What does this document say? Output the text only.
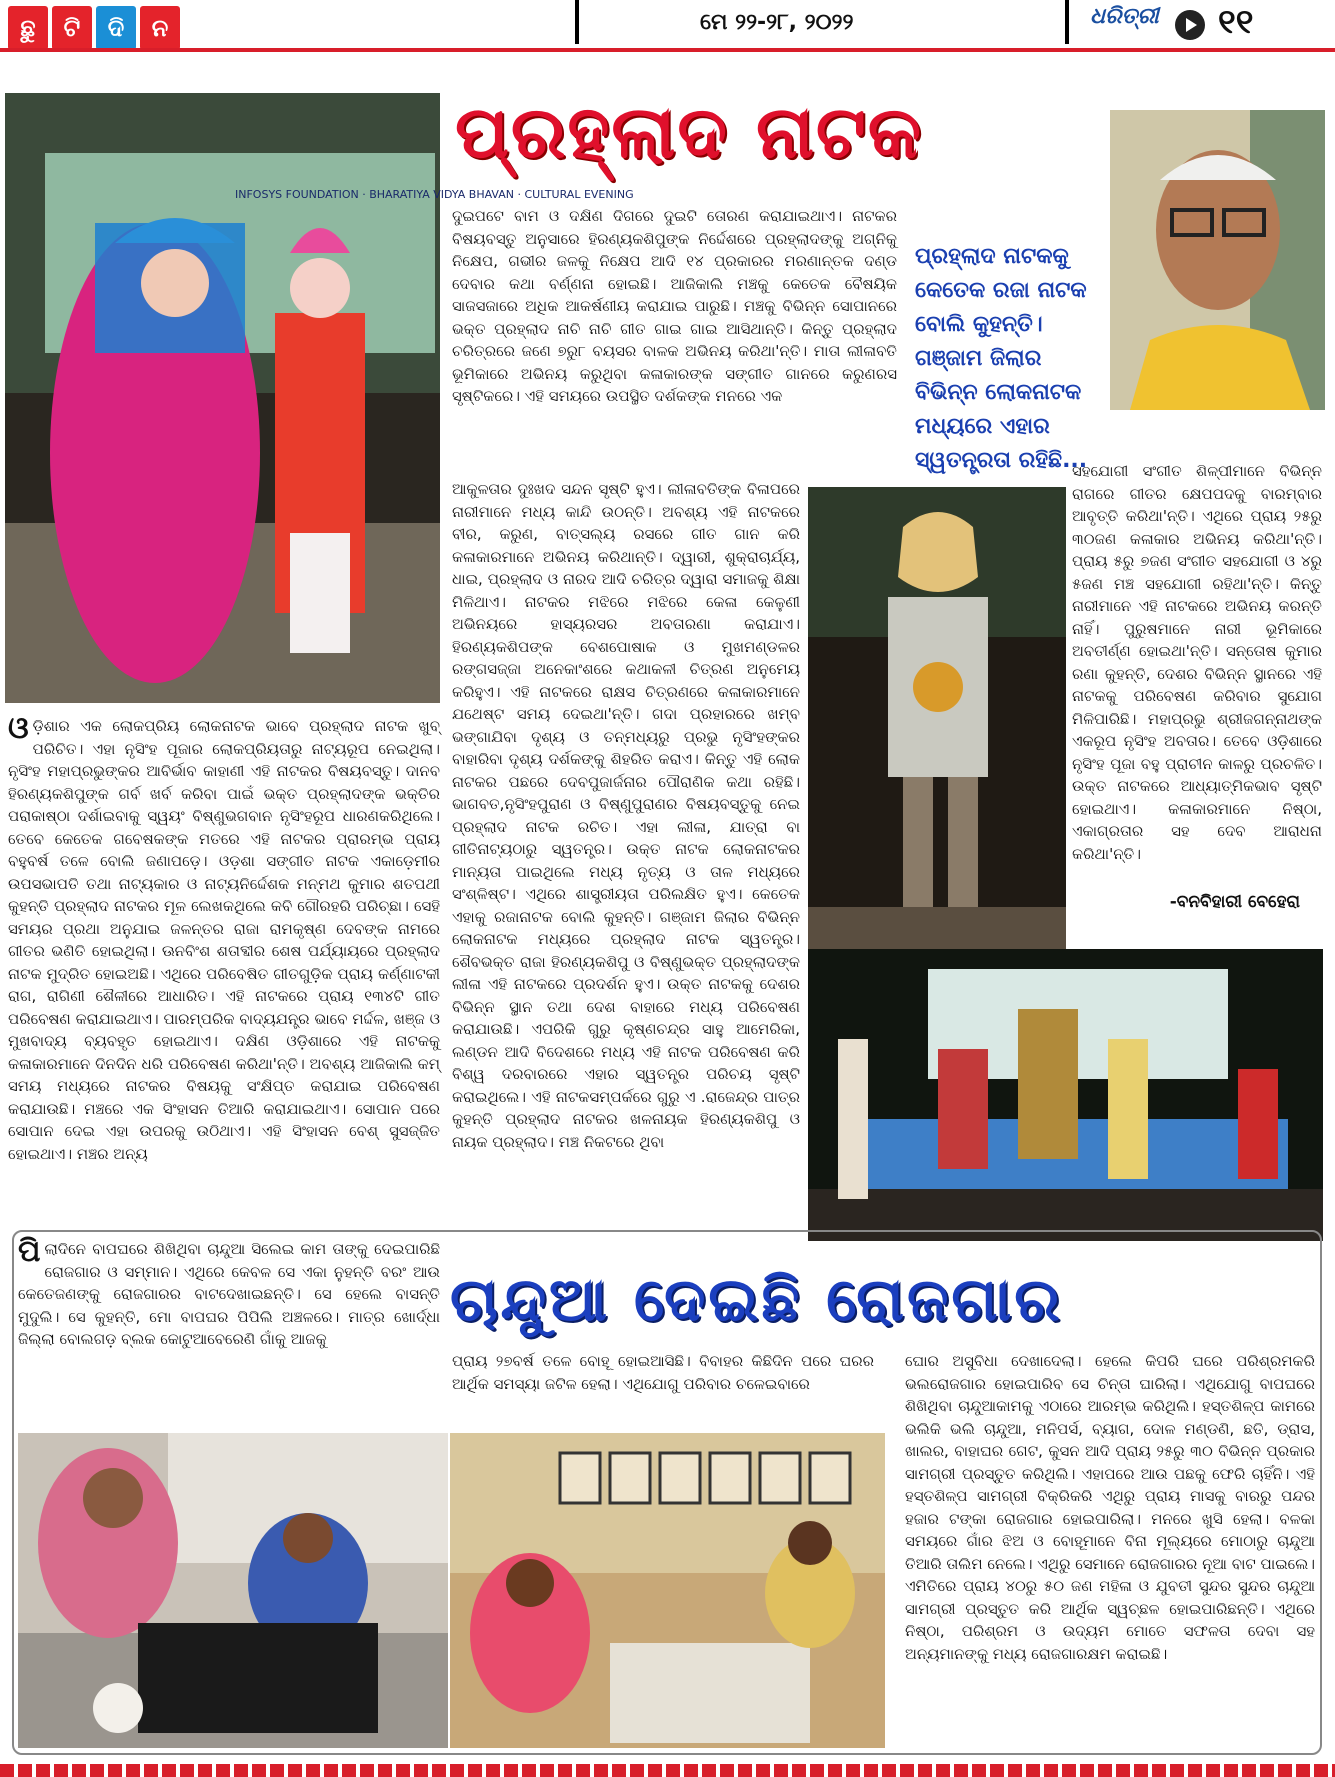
ଛୁ	ଟି	ଦି	ନ	ମେ ୨୨-୨୮, ୨୦୨୨	ଧରିତ୍ରୀ	୧୧
INFOSYS FOUNDATION · BHARATIYA VIDYA BHAVAN · CULTURAL EVENING
ପ୍ରହ୍ଲାଦ ନାଟକ
ପ୍ରହ୍ଲାଦ ନାଟକକୁ କେତେକ ରଜା ନାଟକ ବୋଲି କୁହନ୍ତି। ଗଞ୍ଜାମ ଜିଲାର ବିଭିନ୍ନ ଲୋକନାଟକ ମଧ୍ୟରେ ଏହାର ସ୍ୱତନ୍ତ୍ରତା ରହିଛି...
ଦୁଇପଟେ ବାମ ଓ ଦକ୍ଷିଣ ଦିଗରେ ଦୁଇଟି ତୋରଣ କରାଯାଇଥାଏ। ନାଟକର ବିଷୟବସ୍ତୁ ଅନୁସାରେ ହିରଣ୍ୟକଶିପୁଙ୍କ ନିର୍ଦ୍ଦେଶରେ ପ୍ରହ୍ଲାଦଙ୍କୁ ଅଗ୍ନିକୁ ନିକ୍ଷେପ, ଗଭୀର ଜଳକୁ ନିକ୍ଷେପ ଆଦି ୧୪ ପ୍ରକାରର ମରଣାନ୍ତକ ଦଣ୍ଡ ଦେବାର କଥା ବର୍ଣ୍ଣନା ହୋଇଛି। ଆଜିକାଲି ମଞ୍ଚକୁ କେତେକ ବୈଷୟିକ ସାଜସଜାରେ ଅଧିକ ଆକର୍ଷଣୀୟ କରାଯାଇ ପାରୁଛି। ମଞ୍ଚକୁ ବିଭିନ୍ନ ସୋପାନରେ ଭକ୍ତ ପ୍ରହ୍ଲାଦ ନାଚି ନାଚି ଗୀତ ଗାଇ ଗାଇ ଆସିଥାନ୍ତି। କିନ୍ତୁ ପ୍ରହ୍ଲାଦ ଚରିତ୍ରରେ ଜଣେ ୭ରୁ୮ ବୟସର ବାଳକ ଅଭିନୟ କରିଥା'ନ୍ତି। ମାତା ଲୀଳାବତି ଭୂମିକାରେ ଅଭିନୟ କରୁଥିବା କଳାକାରଙ୍କ ସଙ୍ଗୀତ ଗାନରେ କରୁଣରସ ସୃଷ୍ଟିକରେ। ଏହି ସମୟରେ ଉପସ୍ଥିତ ଦର୍ଶକଙ୍କ ମନରେ ଏକ
ଆକୁଳତାର ଦୁଃଖଦ ସନ୍ଦନ ସୃଷ୍ଟି ହୁଏ। ଲୀଳାବତିଙ୍କ ବିଳାପରେ ନାରୀମାନେ ମଧ୍ୟ କାନ୍ଦି ଉଠନ୍ତି। ଅବଶ୍ୟ ଏହି ନାଟକରେ ବୀର, କରୁଣ, ବାତ୍ସଲ୍ୟ ରସରେ ଗୀତ ଗାନ କରି କଳାକାରମାନେ ଅଭିନୟ କରିଥାନ୍ତି। ଦ୍ୱାରୀ, ଶୁକ୍ରାଚାର୍ଯ୍ୟ, ଧାଇ, ପ୍ରହ୍ଲାଦ ଓ ନାରଦ ଆଦି ଚରିତ୍ର ଦ୍ୱାରା ସମାଜକୁ ଶିକ୍ଷା ମିଳିଥାଏ। ନାଟକର ମଝିରେ ମଝିରେ କେଳା କେଳୁଣୀ ଅଭିନୟରେ ହାସ୍ୟରସର ଅବତାରଣା କରାଯାଏ। ହିରଣ୍ୟକଶିପଙ୍କ ବେଶପୋଷାକ ଓ ମୁଖମଣ୍ଡଳର ରଙ୍ଗସଜ୍ଜା ଅନେକାଂଶରେ କଥାକଳୀ ଚିତ୍ରଣ ଅନୁମେୟ କରିହୁଏ। ଏହି ନାଟକରେ ରାକ୍ଷସ ଚିତ୍ରଣରେ କଳାକାରମାନେ ଯଥେଷ୍ଟ ସମୟ ଦେଇଥା'ନ୍ତି। ଗଦା ପ୍ରହାରରେ ଖମ୍ବ ଭଙ୍ଗାଯିବା ଦୃଶ୍ୟ ଓ ତନ୍ମଧ୍ୟରୁ ପ୍ରଭୁ ନୃସିଂହଙ୍କର ବାହାରିବା ଦୃଶ୍ୟ ଦର୍ଶକଙ୍କୁ ଶିହରିତ କରାଏ। କିନ୍ତୁ ଏହି ଲୋକ ନାଟକର ପଛରେ ଦେବପୁଜାର୍ଜନାର ପୌରାଣିକ କଥା ରହିଛି। ଭାଗବତ,ନୃସିଂହପୁରାଣ ଓ ବିଷ୍ଣୁପୁରାଣର ବିଷୟବସ୍ତୁକୁ ନେଇ ପ୍ରହ୍ଲାଦ ନାଟକ ରଚିତ। ଏହା ଲୀଳା, ଯାତ୍ରା ବା ଗୀତିନାଟ୍ୟଠାରୁ ସ୍ୱତନ୍ତ୍ର। ଉକ୍ତ ନାଟକ ଲୋକନାଟକର ମାନ୍ୟତା ପାଇଥିଲେ ମଧ୍ୟ ନୃତ୍ୟ ଓ ତାଳ ମଧ୍ୟରେ ସଂଶ୍ଳିଷ୍ଟ। ଏଥିରେ ଶାସ୍ତ୍ରୀୟତା ପରିଲକ୍ଷିତ ହୁଏ। କେତେକ ଏହାକୁ ରଜାନାଟକ ବୋଲି କୁହନ୍ତି। ଗଞ୍ଜାମ ଜିଲାର ବିଭିନ୍ନ ଲୋକନାଟକ ମଧ୍ୟରେ ପ୍ରହ୍ଲାଦ ନାଟକ ସ୍ୱତନ୍ତ୍ର। ଶୈବଭକ୍ତ ରାଜା ହିରଣ୍ୟକଶିପୁ ଓ ବିଷ୍ଣୁଭକ୍ତ ପ୍ରହ୍ଲାଦଙ୍କ ଲୀଳା ଏହି ନାଟକରେ ପ୍ରଦର୍ଶନ ହୁଏ। ଉକ୍ତ ନାଟକକୁ ଦେଶର ବିଭିନ୍ନ ସ୍ଥାନ ତଥା ଦେଶ ବାହାରେ ମଧ୍ୟ ପରିବେଷଣ କରାଯାଉଛି। ଏପରିକି ଗୁରୁ କୃଷ୍ଣଚନ୍ଦ୍ର ସାହୁ ଆମେରିକା, ଲଣ୍ଡନ ଆଦି ବିଦେଶରେ ମଧ୍ୟ ଏହି ନାଟକ ପରିବେଷଣ କରି ବିଶ୍ୱ ଦରବାରରେ ଏହାର ସ୍ୱତନ୍ତ୍ର ପରିଚୟ ସୃଷ୍ଟି କରାଇଥିଲେ। ଏହି ନାଟକସମ୍ପର୍କରେ ଗୁରୁ ଏ .ରାଜେନ୍ଦ୍ର ପାତ୍ର କୁହନ୍ତି ପ୍ରହ୍ଲାଦ ନାଟକର ଖଳନାୟକ ହିରଣ୍ୟକଶିପୁ ଓ ନାୟକ ପ୍ରହ୍ଲାଦ। ମଞ୍ଚ ନିକଟରେ ଥିବା
ସହଯୋଗୀ ସଂଗୀତ ଶିଳ୍ପୀମାନେ ବିଭିନ୍ନ ରାଗରେ ଗୀତର କ୍ଷେପପଦକୁ ବାରମ୍ବାର ଆବୃତ୍ତି କରିଥା'ନ୍ତି। ଏଥିରେ ପ୍ରାୟ ୨୫ରୁ ୩୦ଜଣ କଳାକାର ଅଭିନୟ କରିଥା'ନ୍ତି। ପ୍ରାୟ ୫ରୁ ୭ଜଣ ସଂଗୀତ ସହଯୋଗୀ ଓ ୪ରୁ ୫ଜଣ ମଞ୍ଚ ସହଯୋଗୀ ରହିଥା'ନ୍ତି। କିନ୍ତୁ ନାରୀମାନେ ଏହି ନାଟକରେ ଅଭିନୟ କରନ୍ତି ନାହିଁ। ପୁରୁଷମାନେ ନାରୀ ଭୂମିକାରେ ଅବତୀର୍ଣ୍ଣ ହୋଇଥା'ନ୍ତି। ସନ୍ତୋଷ କୁମାର ରଣା କୁହନ୍ତି, ଦେଶର ବିଭିନ୍ନ ସ୍ଥାନରେ ଏହି ନାଟକକୁ ପରିବେଷଣ କରିବାର ସୁଯୋଗ ମିଳିପାରିଛି। ମହାପ୍ରଭୁ ଶ୍ରୀଜଗନ୍ନାଥଙ୍କ ଏକରୂପ ନୃସିଂହ ଅବତାର। ତେବେ ଓଡ଼ିଶାରେ ନୃସିଂହ ପୂଜା ବହୁ ପ୍ରାଚୀନ କାଳରୁ ପ୍ରଚଳିତ। ଉକ୍ତ ନାଟକରେ ଆଧ୍ୟାତ୍ମିକଭାବ ସୃଷ୍ଟି ହୋଇଥାଏ। କଳାକାରମାନେ ନିଷ୍ଠା, ଏକାଗ୍ରତାର ସହ ଦେବ ଆରାଧନା କରିଥା'ନ୍ତି।
-ବନବିହାରୀ ବେହେରା
ଓଡ଼ିଶାର ଏକ ଲୋକପ୍ରିୟ ଲୋକନାଟକ ଭାବେ ପ୍ରହ୍ଲାଦ ନାଟକ ଖୁବ୍ ପରିଚିତ। ଏହା ନୃସିଂହ ପୂଜାର ଲୋକପ୍ରିୟତାରୁ ନାଟ୍ୟରୂପ ନେଇଥିଲା। ନୃସିଂହ ମହାପ୍ରଭୁଙ୍କର ଆବିର୍ଭାବ କାହାଣୀ ଏହି ନାଟକର ବିଷୟବସ୍ତୁ। ଦାନବ ହିରଣ୍ୟକଶିପୁଙ୍କ ଗର୍ବ ଖର୍ବ କରିବା ପାଇଁ ଭକ୍ତ ପ୍ରହ୍ଲାଦଙ୍କ ଭକ୍ତିର ପରାକାଷ୍ଠା ଦର୍ଶାଇବାକୁ ସ୍ୱୟଂ ବିଷ୍ଣୁଭଗବାନ ନୃସିଂହରୂପ ଧାରଣକରିଥିଲେ। ତେବେ କେତେକ ଗବେଷକଙ୍କ ମତରେ ଏହି ନାଟକର ପ୍ରାରମ୍ଭ ପ୍ରାୟ ବହୁବର୍ଷ ତଳେ ବୋଲି ଜଣାପଡ଼େ। ଓଡ଼ଶା ସଙ୍ଗୀତ ନାଟକ ଏକାଡ଼େମୀର ଉପସଭାପତି ତଥା ନାଟ୍ୟକାର ଓ ନାଟ୍ୟନିର୍ଦ୍ଦେଶକ ମନ୍ମଥ କୁମାର ଶତପଥୀ କୁହନ୍ତି ପ୍ରହ୍ଲାଦ ନାଟକର ମୂଳ ଲେଖକଥିଲେ କବି ଗୌରହରି ପରିଚ୍ଛା। ସେହି ସମୟର ପ୍ରଥା ଅନୁଯାଇ ଜଳନ୍ତର ରାଜା ରାମକୃଷ୍ଣ ଦେବଙ୍କ ନାମରେ ଗୀତର ଭଣିତି ହୋଇଥିଲା। ଊନବିଂଶ ଶତାବ୍ଦୀର ଶେଷ ପର୍ଯ୍ୟାୟରେ ପ୍ରହ୍ଲାଦ ନାଟକ ମୁଦ୍ରିତ ହୋଇଅଛି। ଏଥିରେ ପରିବେଷିତ ଗୀତଗୁଡ଼ିକ ପ୍ରାୟ କର୍ଣ୍ଣାଟକୀ ରାଗ, ରାଗିଣୀ ଶୈଳୀରେ ଆଧାରିତ। ଏହି ନାଟକରେ ପ୍ରାୟ ୧୩୪ଟି ଗୀତ ପରିବେଷଣ କରାଯାଇଥାଏ। ପାରମ୍ପରିକ ବାଦ୍ୟଯନ୍ତ୍ର ଭାବେ ମର୍ଦ୍ଦଳ, ଖଞ୍ଜ ଓ ମୁଖବାଦ୍ୟ ବ୍ୟବହୃତ ହୋଇଥାଏ। ଦକ୍ଷିଣ ଓଡ଼ିଶାରେ ଏହି ନାଟକକୁ କଳାକାରମାନେ ଦିନଦିନ ଧରି ପରିବେଷଣ କରିଥା'ନ୍ତି। ଅବଶ୍ୟ ଆଜିକାଲି କମ୍ ସମୟ ମଧ୍ୟରେ ନାଟକର ବିଷୟକୁ ସଂକ୍ଷିପ୍ତ କରାଯାଇ ପରିବେଷଣ କରାଯାଉଛି। ମଞ୍ଚରେ ଏକ ସିଂହାସନ ତିଆରି କରାଯାଇଥାଏ। ସୋପାନ ପରେ ସୋପାନ ଦେଇ ଏହା ଉପରକୁ ଉଠିଥାଏ। ଏହି ସିଂହାସନ ବେଶ୍ ସୁସଜ୍ଜିତ ହୋଇଥାଏ। ମଞ୍ଚର ଅନ୍ୟ
ପିଲାଦିନେ ବାପଘରେ ଶିଖିଥିବା ଚାନ୍ଦୁଆ ସିଲେଇ କାମ ତାଙ୍କୁ ଦେଇପାରିଛି ରୋଜଗାର ଓ ସମ୍ମାନ। ଏଥିରେ କେବଳ ସେ ଏକା ନୁହନ୍ତି ବରଂ ଆଉ କେତେଜଣଙ୍କୁ ରୋଜଗାରର ବାଟଦେଖାଇଛନ୍ତି। ସେ ହେଲେ ବାସନ୍ତି ମୁଦୁଲି। ସେ କୁହନ୍ତି, ମୋ ବାପଘର ପିପିଲି ଅଞ୍ଚଳରେ। ମାତ୍ର ଖୋର୍ଦ୍ଧା ଜିଲ୍ଲା ବୋଲଗଡ଼ ବ୍ଲକ କୋଟୁଆବେରେଣି ଗାଁକୁ ଆଜକୁ
ଚାନ୍ଦୁଆ ଦେଇଛି ରୋଜଗାର
ପ୍ରାୟ ୨୭ବର୍ଷ ତଳେ ବୋହୂ ହୋଇଆସିଛି। ବିବାହର କିଛିଦିନ ପରେ ଘରର ଆର୍ଥିକ ସମସ୍ୟା ଜଟିଳ ହେଲା। ଏଥିଯୋଗୁ ପରିବାର ଚଳେଇବାରେ
ଘୋର ଅସୁବିଧା ଦେଖାଦେଲା। ହେଲେ କିପରି ଘରେ ପରିଶ୍ରମକରି ଭଲରୋଜଗାର ହୋଇପାରିବ ସେ ଚିନ୍ତା ଘାରିଲା। ଏଥିଯୋଗୁ ବାପଘରେ ଶିଖିଥିବା ଚାନ୍ଦୁଆକାମକୁ ଏଠାରେ ଆରମ୍ଭ କରିଥିଲି। ହସ୍ତଶିଳ୍ପ କାମରେ ଭଲିକି ଭଲି ଚାନ୍ଦୁଆ, ମନିପର୍ସ, ବ୍ୟାଗ, ଦୋଳ ମଣ୍ଡଣି, ଛତି, ଡ୍ରାସ, ଖାଲର, ବାହାଘର ଗେଟ, କୁସନ ଆଦି ପ୍ରାୟ ୨୫ରୁ ୩୦ ବିଭିନ୍ନ ପ୍ରକାର ସାମଗ୍ରୀ ପ୍ରସ୍ତୁତ କରିଥିଲି। ଏହାପରେ ଆଉ ପଛକୁ ଫେରି ଚାହିଁନି। ଏହି ହସ୍ତଶିଳ୍ପ ସାମଗ୍ରୀ ବିକ୍ରିକରି ଏଥିରୁ ପ୍ରାୟ ମାସକୁ ବାରରୁ ପନ୍ଦର ହଜାର ଟଙ୍କା ରୋଜଗାର ହୋଇପାରିଲା। ମନରେ ଖୁସି ହେଲା। ବଳକା ସମୟରେ ଗାଁର ଝିଅ ଓ ବୋହୂମାନେ ବିନା ମୂଲ୍ୟରେ ମୋଠାରୁ ଚାନ୍ଦୁଆ ତିଆରି ତାଲିମ ନେଲେ। ଏଥିରୁ ସେମାନେ ରୋଜଗାରର ନୂଆ ବାଟ ପାଇଲେ। ଏମିତିରେ ପ୍ରାୟ ୪୦ରୁ ୫୦ ଜଣ ମହିଳା ଓ ଯୁବତୀ ସୁନ୍ଦର ସୁନ୍ଦର ଚାନ୍ଦୁଆ ସାମଗ୍ରୀ ପ୍ରସ୍ତୁତ କରି ଆର୍ଥିକ ସ୍ୱଚ୍ଛଳ ହୋଇପାରିଛନ୍ତି। ଏଥିରେ ନିଷ୍ଠା, ପରିଶ୍ରମ ଓ ଉଦ୍ୟମ ମୋତେ ସଫଳତା ଦେବା ସହ ଅନ୍ୟମାନଙ୍କୁ ମଧ୍ୟ ରୋଜଗାରକ୍ଷମ କରାଇଛି।
